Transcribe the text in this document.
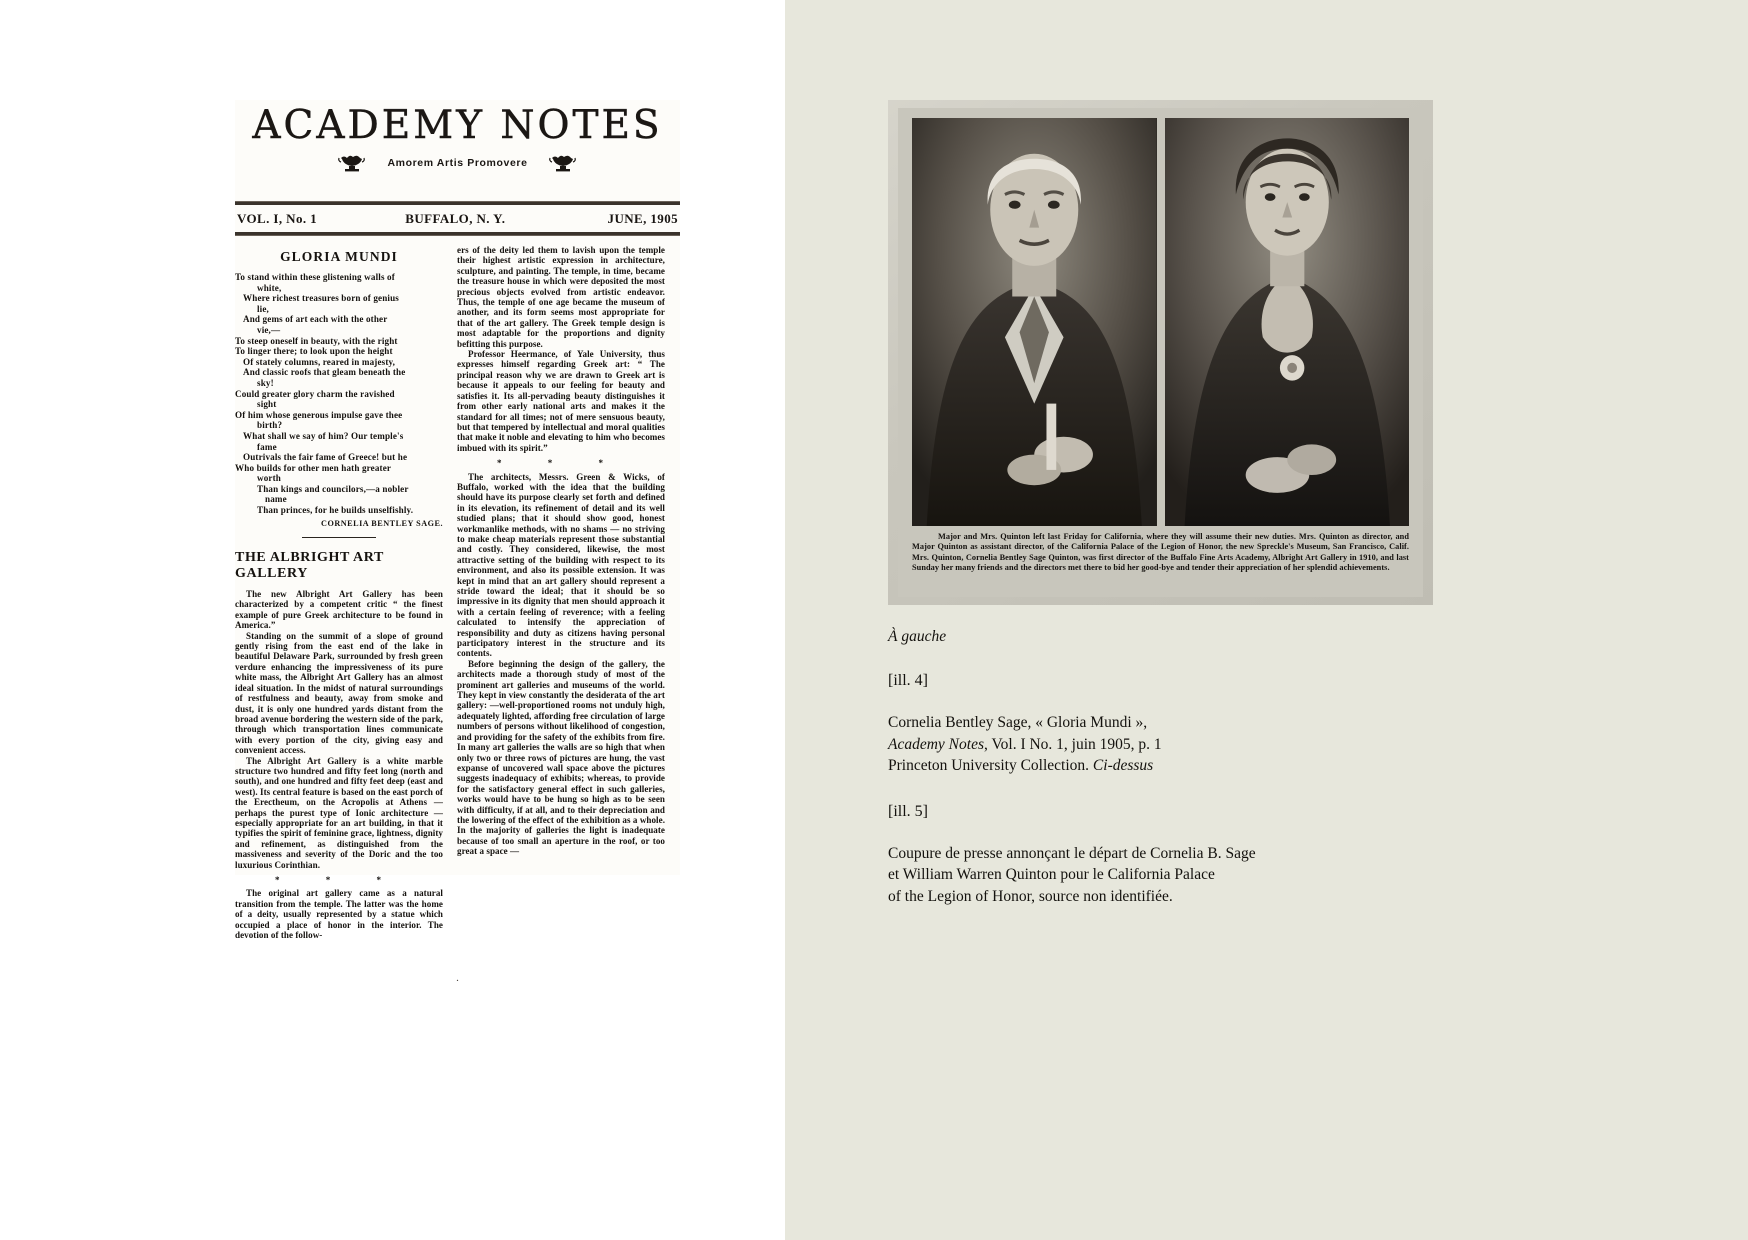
ACADEMY NOTES
Amorem Artis Promovere
VOL. I, No. 1	BUFFALO, N. Y.	JUNE, 1905
GLORIA MUNDI
To stand within these glistening walls of
white,
Where richest treasures born of genius
lie,
And gems of art each with the other
vie,—
To steep oneself in beauty, with the right
To linger there; to look upon the height
Of stately columns, reared in majesty,
And classic roofs that gleam beneath the
sky!
Could greater glory charm the ravished
sight
Of him whose generous impulse gave thee
birth?
What shall we say of him? Our temple's
fame
Outrivals the fair fame of Greece! but he
Who builds for other men hath greater
worth
Than kings and councilors,—a nobler
name
Than princes, for he builds unselfishly.
CORNELIA BENTLEY SAGE.
THE ALBRIGHT ART GALLERY

The new Albright Art Gallery has been characterized by a competent critic “ the finest example of pure Greek architecture to be found in America.”

Standing on the summit of a slope of ground gently rising from the east end of the lake in beautiful Delaware Park, surrounded by fresh green verdure enhancing the impressiveness of its pure white mass, the Albright Art Gallery has an almost ideal situation. In the midst of natural surroundings of restfulness and beauty, away from smoke and dust, it is only one hundred yards distant from the broad avenue bordering the western side of the park, through which transportation lines communicate with every portion of the city, giving easy and convenient access.

The Albright Art Gallery is a white marble structure two hundred and fifty feet long (north and south), and one hundred and fifty feet deep (east and west). Its central feature is based on the east porch of the Erectheum, on the Acropolis at Athens — perhaps the purest type of Ionic architecture — especially appropriate for an art building, in that it typifies the spirit of feminine grace, lightness, dignity and refinement, as distinguished from the massiveness and severity of the Doric and the too luxurious Corinthian.

* * *

The original art gallery came as a natural transition from the temple. The latter was the home of a deity, usually represented by a statue which occupied a place of honor in the interior. The devotion of the follow-

ers of the deity led them to lavish upon the temple their highest artistic expression in architecture, sculpture, and painting. The temple, in time, became the treasure house in which were deposited the most precious objects evolved from artistic endeavor. Thus, the temple of one age became the museum of another, and its form seems most appropriate for that of the art gallery. The Greek temple design is most adaptable for the proportions and dignity befitting this purpose.

Professor Heermance, of Yale University, thus expresses himself regarding Greek art: “ The principal reason why we are drawn to Greek art is because it appeals to our feeling for beauty and satisfies it. Its all-pervading beauty distinguishes it from other early national arts and makes it the standard for all times; not of mere sensuous beauty, but that tempered by intellectual and moral qualities that make it noble and elevating to him who becomes imbued with its spirit.”

* * *

The architects, Messrs. Green & Wicks, of Buffalo, worked with the idea that the building should have its purpose clearly set forth and defined in its elevation, its refinement of detail and its well studied plans; that it should show good, honest workmanlike methods, with no shams — no striving to make cheap materials represent those substantial and costly. They considered, likewise, the most attractive setting of the building with respect to its environment, and also its possible extension. It was kept in mind that an art gallery should represent a stride toward the ideal; that it should be so impressive in its dignity that men should approach it with a certain feeling of reverence; with a feeling calculated to intensify the appreciation of responsibility and duty as citizens having personal participatory interest in the structure and its contents.

Before beginning the design of the gallery, the architects made a thorough study of most of the prominent art galleries and museums of the world. They kept in view constantly the desiderata of the art gallery: —well-proportioned rooms not unduly high, adequately lighted, affording free circulation of large numbers of persons without likelihood of congestion, and providing for the safety of the exhibits from fire. In many art galleries the walls are so high that when only two or three rows of pictures are hung, the vast expanse of uncovered wall space above the pictures suggests inadequacy of exhibits; whereas, to provide for the satisfactory general effect in such galleries, works would have to be hung so high as to be seen with difficulty, if at all, and to their depreciation and the lowering of the effect of the exhibition as a whole. In the majority of galleries the light is inadequate because of too small an aperture in the roof, or too great a space —

.
Major and Mrs. Quinton left last Friday for California, where they will assume their new duties. Mrs. Quinton as director, and Major Quinton as assistant director, of the California Palace of the Legion of Honor, the new Spreckle's Museum, San Francisco, Calif. Mrs. Quinton, Cornelia Bentley Sage Quinton, was first director of the Buffalo Fine Arts Academy, Albright Art Gallery in 1910, and last Sunday her many friends and the directors met there to bid her good-bye and tender their appreciation of her splendid achievements.
À gauche
[ill. 4]
Cornelia Bentley Sage, « Gloria Mundi »,
Academy Notes, Vol. I No. 1, juin 1905, p. 1
Princeton University Collection. Ci-dessus
[ill. 5]
Coupure de presse annonçant le départ de Cornelia B. Sage
et William Warren Quinton pour le California Palace
of the Legion of Honor, source non identifiée.
